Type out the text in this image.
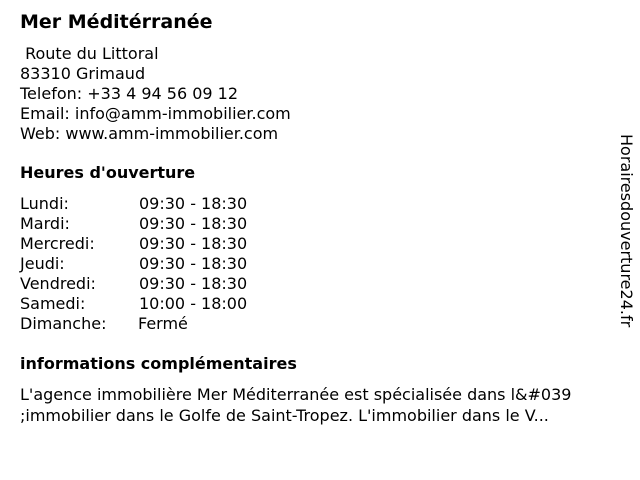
Mer Méditérranée
Route du Littoral
83310 Grimaud
Telefon: +33 4 94 56 09 12
Email: info@amm-immobilier.com
Web: www.amm-immobilier.com
Heures d'ouverture
Lundi:	09:30 - 18:30
Mardi:	09:30 - 18:30
Mercredi:	09:30 - 18:30
Jeudi:	09:30 - 18:30
Vendredi:	09:30 - 18:30
Samedi:	10:00 - 18:00
Dimanche: Fermé
informations complémentaires
L'agence immobilière Mer Méditerranée est spécialisée dans l&#039
;immobilier dans le Golfe de Saint-Tropez. L'immobilier dans le V...
Horairesdouverture24.fr
